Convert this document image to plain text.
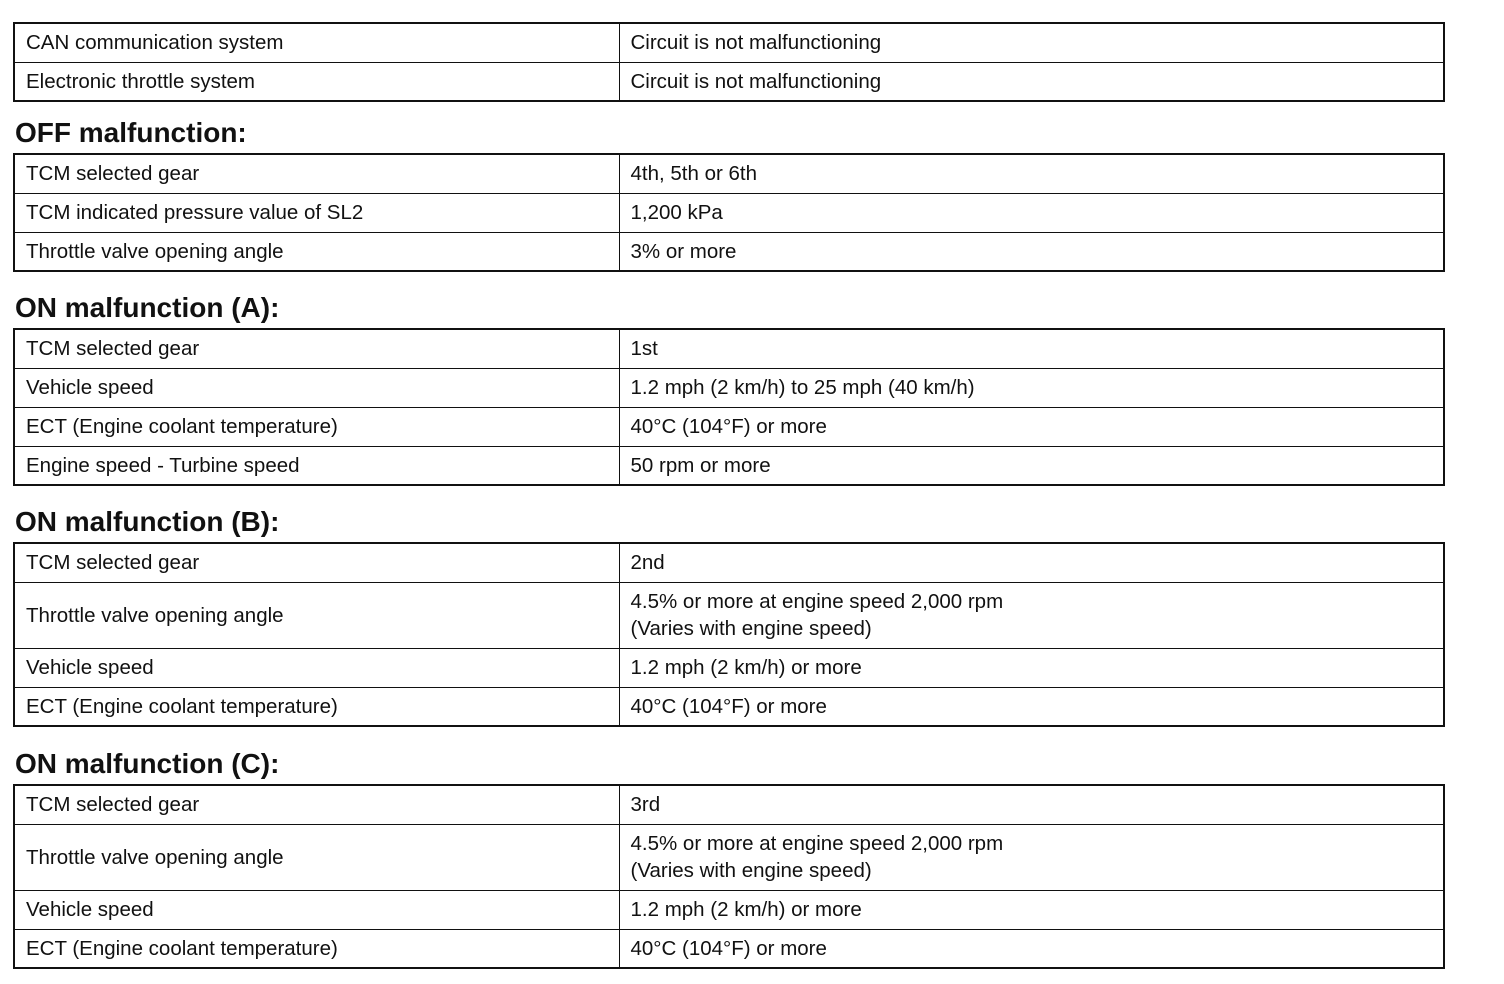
CAN communication system	Circuit is not malfunctioning
Electronic throttle system	Circuit is not malfunctioning
OFF malfunction:
TCM selected gear	4th, 5th or 6th
TCM indicated pressure value of SL2	1,200 kPa
Throttle valve opening angle	3% or more
ON malfunction (A):
TCM selected gear	1st
Vehicle speed	1.2 mph (2 km/h) to 25 mph (40 km/h)
ECT (Engine coolant temperature)	40°C (104°F) or more
Engine speed - Turbine speed	50 rpm or more
ON malfunction (B):
TCM selected gear	2nd
Throttle valve opening angle	4.5% or more at engine speed 2,000 rpm
(Varies with engine speed)

Vehicle speed	1.2 mph (2 km/h) or more
ECT (Engine coolant temperature)	40°C (104°F) or more
ON malfunction (C):
TCM selected gear	3rd
Throttle valve opening angle	4.5% or more at engine speed 2,000 rpm
(Varies with engine speed)

Vehicle speed	1.2 mph (2 km/h) or more
ECT (Engine coolant temperature)	40°C (104°F) or more
